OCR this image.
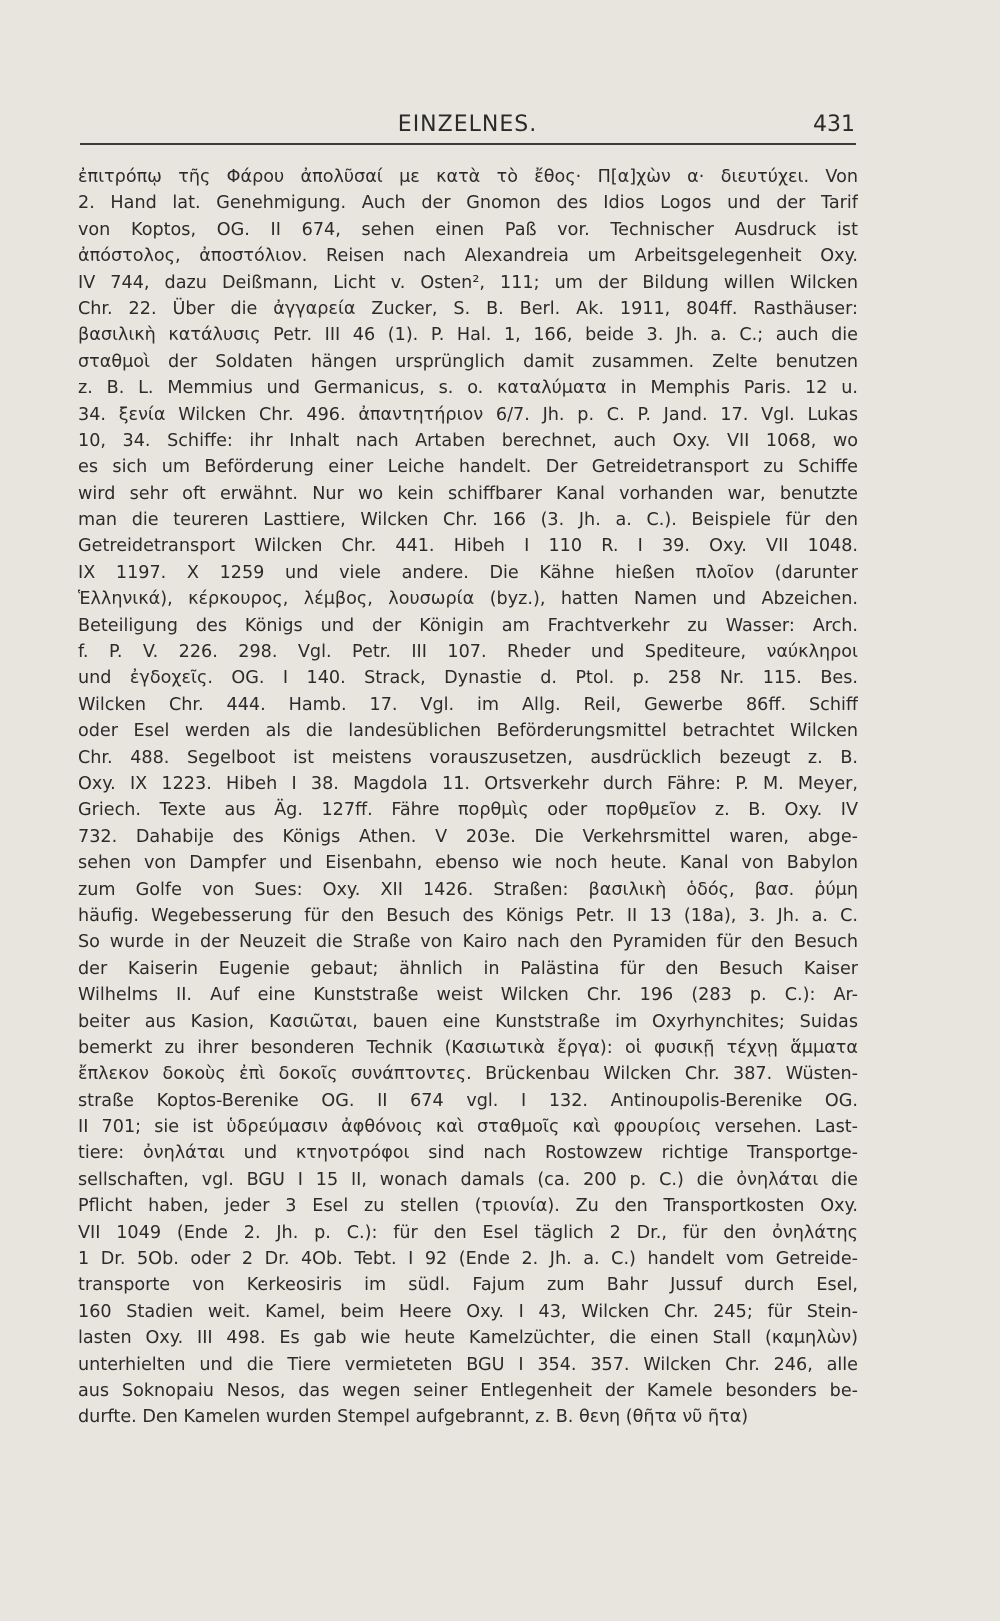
EINZELNES.	431
ἐπιτρόπῳ τῆς Φάρου ἀπολῦσαί με κατὰ τὸ ἔθος· Π[α]χὼν α· διευτύχει. Von
2. Hand lat. Genehmigung. Auch der Gnomon des Idios Logos und der Tarif
von Koptos, OG. II 674, sehen einen Paß vor. Technischer Ausdruck ist
ἀπόστολος, ἀποστόλιον. Reisen nach Alexandreia um Arbeitsgelegenheit Oxy.
IV 744, dazu Deißmann, Licht v. Osten², 111; um der Bildung willen Wilcken
Chr. 22. Über die ἀγγαρεία Zucker, S. B. Berl. Ak. 1911, 804ff. Rasthäuser:
βασιλικὴ κατάλυσις Petr. III 46 (1). P. Hal. 1, 166, beide 3. Jh. a. C.; auch die
σταθμοὶ der Soldaten hängen ursprünglich damit zusammen. Zelte benutzen
z. B. L. Memmius und Germanicus, s. o. καταλύματα in Memphis Paris. 12 u.
34. ξενία Wilcken Chr. 496. ἀπαντητήριον 6/7. Jh. p. C. P. Jand. 17. Vgl. Lukas
10, 34. Schiffe: ihr Inhalt nach Artaben berechnet, auch Oxy. VII 1068, wo
es sich um Beförderung einer Leiche handelt. Der Getreidetransport zu Schiffe
wird sehr oft erwähnt. Nur wo kein schiffbarer Kanal vorhanden war, benutzte
man die teureren Lasttiere, Wilcken Chr. 166 (3. Jh. a. C.). Beispiele für den
Getreidetransport Wilcken Chr. 441. Hibeh I 110 R. I 39. Oxy. VII 1048.
IX 1197. X 1259 und viele andere. Die Kähne hießen πλοῖον (darunter
Ἑλληνικά), κέρκουρος, λέμβος, λουσωρία (byz.), hatten Namen und Abzeichen.
Beteiligung des Königs und der Königin am Frachtverkehr zu Wasser: Arch.
f. P. V. 226. 298. Vgl. Petr. III 107. Rheder und Spediteure, ναύκληροι
und ἐγδοχεῖς. OG. I 140. Strack, Dynastie d. Ptol. p. 258 Nr. 115. Bes.
Wilcken Chr. 444. Hamb. 17. Vgl. im Allg. Reil, Gewerbe 86ff. Schiff
oder Esel werden als die landesüblichen Beförderungsmittel betrachtet Wilcken
Chr. 488. Segelboot ist meistens vorauszusetzen, ausdrücklich bezeugt z. B.
Oxy. IX 1223. Hibeh I 38. Magdola 11. Ortsverkehr durch Fähre: P. M. Meyer,
Griech. Texte aus Äg. 127ff. Fähre πορθμὶς oder πορθμεῖον z. B. Oxy. IV
732. Dahabije des Königs Athen. V 203e. Die Verkehrsmittel waren, abge-
sehen von Dampfer und Eisenbahn, ebenso wie noch heute. Kanal von Babylon
zum Golfe von Sues: Oxy. XII 1426. Straßen: βασιλικὴ ὁδός, βασ. ῥύμη
häufig. Wegebesserung für den Besuch des Königs Petr. II 13 (18a), 3. Jh. a. C.
So wurde in der Neuzeit die Straße von Kairo nach den Pyramiden für den Besuch
der Kaiserin Eugenie gebaut; ähnlich in Palästina für den Besuch Kaiser
Wilhelms II. Auf eine Kunststraße weist Wilcken Chr. 196 (283 p. C.): Ar-
beiter aus Kasion, Κασιῶται, bauen eine Kunststraße im Oxyrhynchites; Suidas
bemerkt zu ihrer besonderen Technik (Κασιωτικὰ ἔργα): οἱ φυσικῇ τέχνῃ ἅμματα
ἔπλεκον δοκοὺς ἐπὶ δοκοῖς συνάπτοντες. Brückenbau Wilcken Chr. 387. Wüsten-
straße Koptos-Berenike OG. II 674 vgl. I 132. Antinoupolis-Berenike OG.
II 701; sie ist ὑδρεύμασιν ἀφθόνοις καὶ σταθμοῖς καὶ φρουρίοις versehen. Last-
tiere: ὀνηλάται und κτηνοτρόφοι sind nach Rostowzew richtige Transportge-
sellschaften, vgl. BGU I 15 II, wonach damals (ca. 200 p. C.) die ὀνηλάται die
Pflicht haben, jeder 3 Esel zu stellen (τριονία). Zu den Transportkosten Oxy.
VII 1049 (Ende 2. Jh. p. C.): für den Esel täglich 2 Dr., für den ὀνηλάτης
1 Dr. 5Ob. oder 2 Dr. 4Ob. Tebt. I 92 (Ende 2. Jh. a. C.) handelt vom Getreide-
transporte von Kerkeosiris im südl. Fajum zum Bahr Jussuf durch Esel,
160 Stadien weit. Kamel, beim Heere Oxy. I 43, Wilcken Chr. 245; für Stein-
lasten Oxy. III 498. Es gab wie heute Kamelzüchter, die einen Stall (καμηλὼν)
unterhielten und die Tiere vermieteten BGU I 354. 357. Wilcken Chr. 246, alle
aus Soknopaiu Nesos, das wegen seiner Entlegenheit der Kamele besonders be-
durfte. Den Kamelen wurden Stempel aufgebrannt, z. B. θενη (θῆτα νῦ ῆτα)
